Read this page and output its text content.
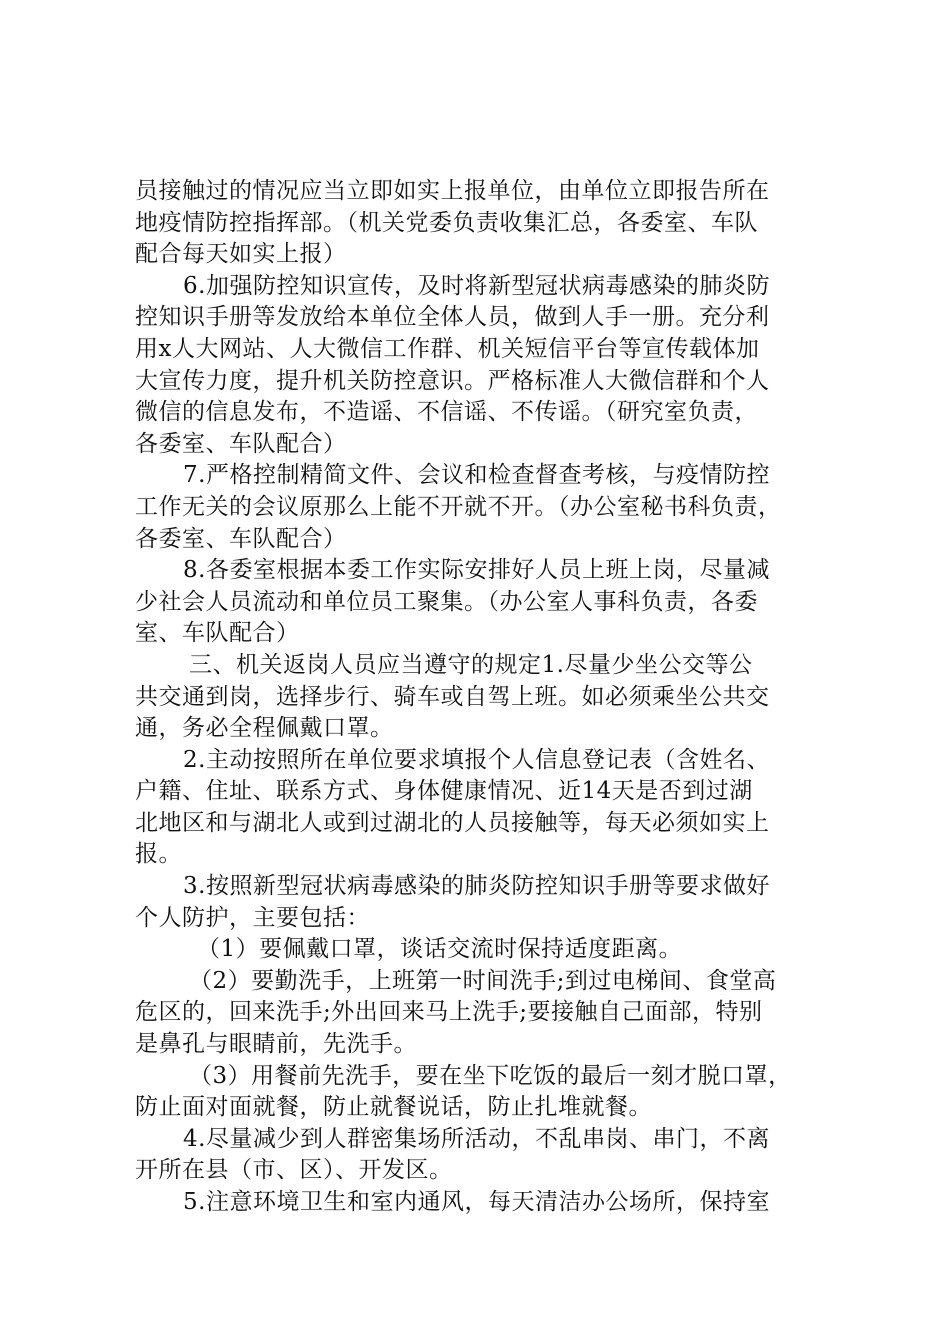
员接触过的情况应当立即如实上报单位，由单位立即报告所在
地疫情防控指挥部。（机关党委负责收集汇总，各委室、车队
配合每天如实上报）
6.加强防控知识宣传，及时将新型冠状病毒感染的肺炎防
控知识手册等发放给本单位全体人员，做到人手一册。充分利
用x人大网站、人大微信工作群、机关短信平台等宣传载体加
大宣传力度，提升机关防控意识。严格标准人大微信群和个人
微信的信息发布，不造谣、不信谣、不传谣。（研究室负责，
各委室、车队配合）
7.严格控制精简文件、会议和检查督查考核，与疫情防控
工作无关的会议原那么上能不开就不开。（办公室秘书科负责，
各委室、车队配合）
8.各委室根据本委工作实际安排好人员上班上岗，尽量减
少社会人员流动和单位员工聚集。（办公室人事科负责，各委
室、车队配合）
三、机关返岗人员应当遵守的规定1.尽量少坐公交等公
共交通到岗，选择步行、骑车或自驾上班。如必须乘坐公共交
通，务必全程佩戴口罩。
2.主动按照所在单位要求填报个人信息登记表（含姓名、
户籍、住址、联系方式、身体健康情况、近14天是否到过湖
北地区和与湖北人或到过湖北的人员接触等，每天必须如实上
报。
3.按照新型冠状病毒感染的肺炎防控知识手册等要求做好
个人防护，主要包括：
（1）要佩戴口罩，谈话交流时保持适度距离。
（2）要勤洗手，上班第一时间洗手;到过电梯间、食堂高
危区的，回来洗手;外出回来马上洗手;要接触自己面部，特别
是鼻孔与眼睛前，先洗手。
（3）用餐前先洗手，要在坐下吃饭的最后一刻才脱口罩，
防止面对面就餐，防止就餐说话，防止扎堆就餐。
4.尽量减少到人群密集场所活动，不乱串岗、串门，不离
开所在县（市、区）、开发区。
5.注意环境卫生和室内通风，每天清洁办公场所，保持室
